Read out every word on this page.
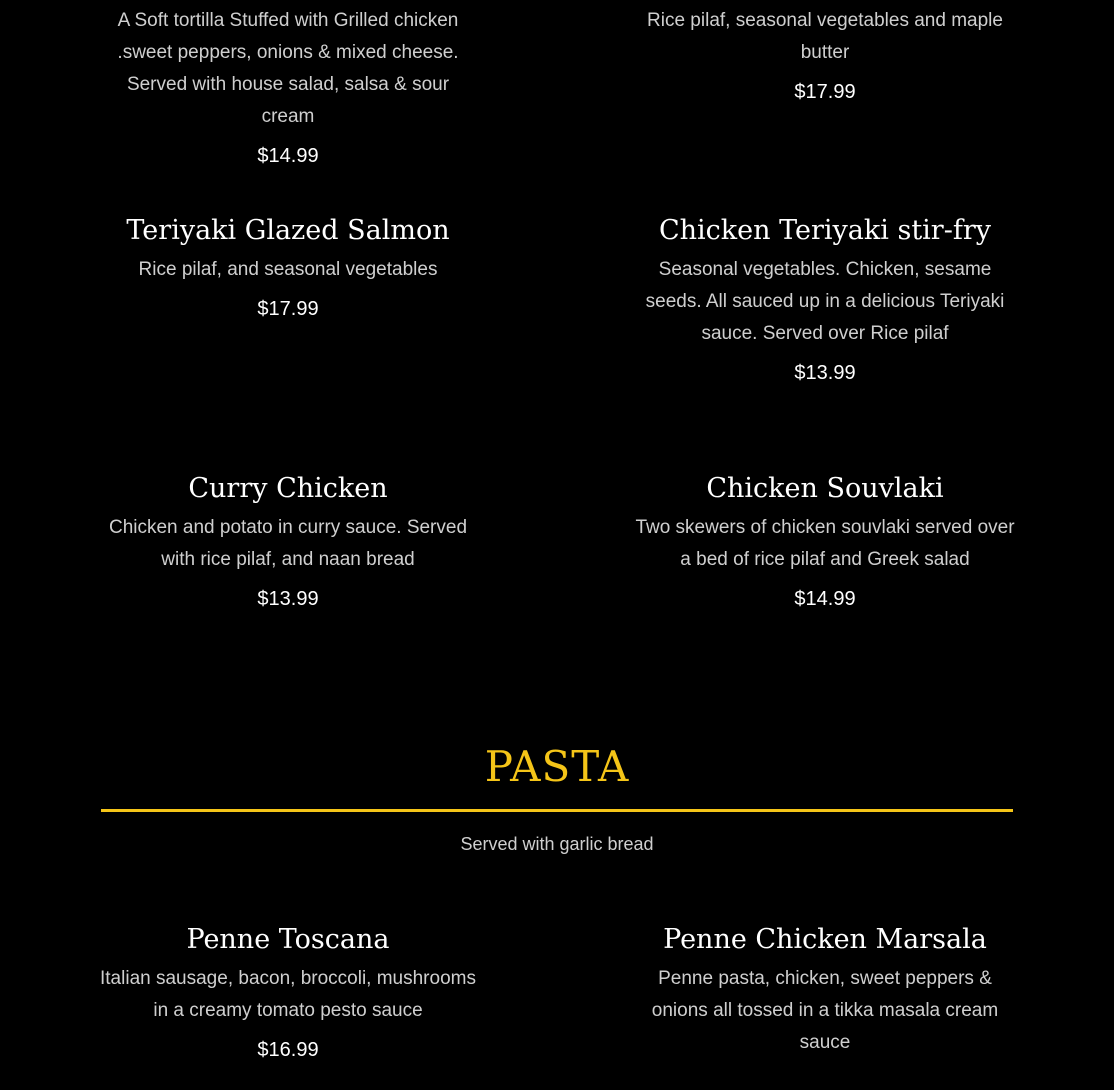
A Soft tortilla Stuffed with Grilled chicken .sweet peppers, onions & mixed cheese. Served with house salad, salsa & sour cream

$14.99

Rice pilaf, seasonal vegetables and maple butter

$17.99
Teriyaki Glazed Salmon

Rice pilaf, and seasonal vegetables

$17.99
Chicken Teriyaki stir-fry

Seasonal vegetables. Chicken, sesame seeds. All sauced up in a delicious Teriyaki sauce. Served over Rice pilaf

$13.99
Curry Chicken

Chicken and potato in curry sauce. Served with rice pilaf, and naan bread

$13.99
Chicken Souvlaki

Two skewers of chicken souvlaki served over a bed of rice pilaf and Greek salad

$14.99
PASTA
Served with garlic bread
Penne Toscana

Italian sausage, bacon, broccoli, mushrooms in a creamy tomato pesto sauce

$16.99
Penne Chicken Marsala

Penne pasta, chicken, sweet peppers & onions all tossed in a tikka masala cream sauce
